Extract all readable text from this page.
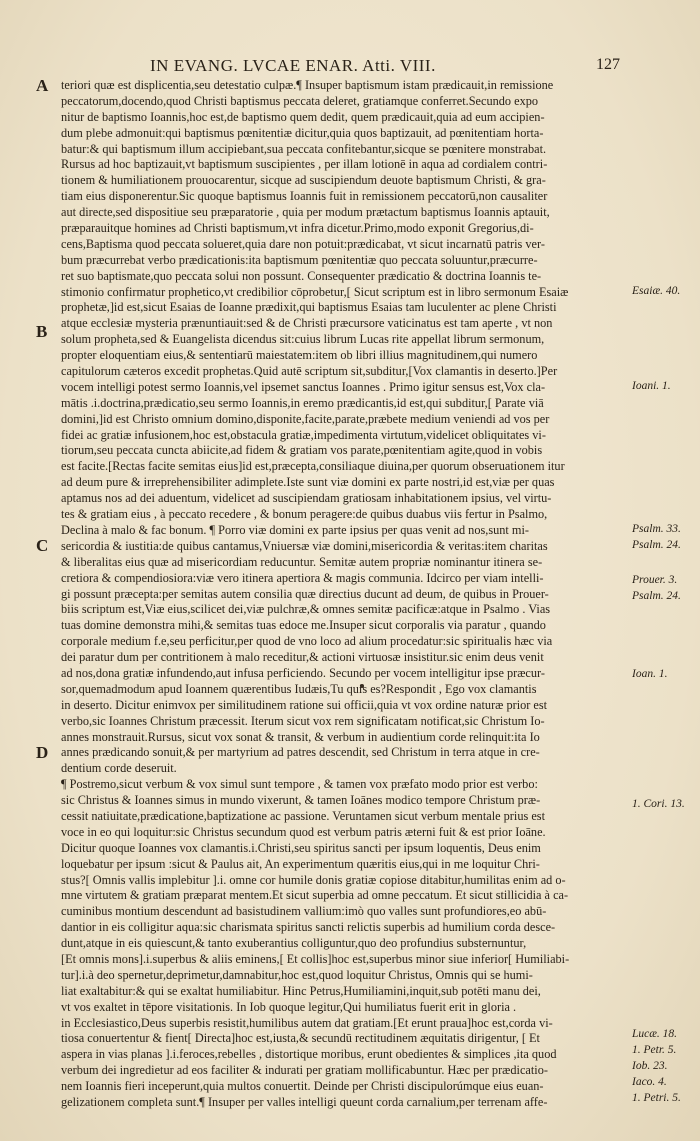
IN EVANG. LVCAE ENAR. Atti. VIII.	127
A
B
C
D
Esaiæ. 40.
Ioani. 1.
Psalm. 33.
Psalm. 24.
Prouer. 3.
Psalm. 24.
Ioan. 1.
1. Cori. 13.
Lucæ. 18.
1. Petr. 5.
Iob. 23.
Iaco. 4.
1. Petri. 5.
teriori quæ est displicentia,seu detestatio culpæ.¶ Insuper baptismum istam prædicauit,in remissione
peccatorum,docendo,quod Christi baptismus peccata deleret, gratiamque conferret.Secundo expo
nitur de baptismo Ioannis,hoc est,de baptismo quem dedit, quem prædicauit,quia ad eum accipien-
dum plebe admonuit:qui baptismus pœnitentiæ dicitur,quia quos baptizauit, ad pœnitentiam horta-
batur:& qui baptismum illum accipiebant,sua peccata confitebantur,sicque se pœnitere monstrabat.
Rursus ad hoc baptizauit,vt baptismum suscipientes , per illam lotionē in aqua ad cordialem contri-
tionem & humiliationem prouocarentur, sicque ad suscipiendum deuote baptismum Christi, & gra-
tiam eius disponerentur.Sic quoque baptismus Ioannis fuit in remissionem peccatorū,non causaliter
aut directe,sed dispositiue seu præparatorie , quia per modum prætactum baptismus Ioannis aptauit,
præparauitque homines ad Christi baptismum,vt infra dicetur.Primo,modo exponit Gregorius,di-
cens,Baptisma quod peccata solueret,quia dare non potuit:prædicabat, vt sicut incarnatū patris ver-
bum præcurrebat verbo prædicationis:ita baptismum pœnitentiæ quo peccata soluuntur,præcurre-
ret suo baptismate,quo peccata solui non possunt. Consequenter prædicatio & doctrina Ioannis te-
stimonio confirmatur prophetico,vt credibilior cōprobetur,[ Sicut scriptum est in libro sermonum Esaiæ
prophetæ,]id est,sicut Esaias de Ioanne prædixit,qui baptismus Esaias tam luculenter ac plene Christi
atque ecclesiæ mysteria prænuntiauit:sed & de Christi præcursore vaticinatus est tam aperte , vt non
solum propheta,sed & Euangelista dicendus sit:cuius librum Lucas rite appellat librum sermonum,
propter eloquentiam eius,& sententiarū maiestatem:item ob libri illius magnitudinem,qui numero
capitulorum cæteros excedit prophetas.Quid autē scriptum sit,subditur,[Vox clamantis in deserto.]Per
vocem intelligi potest sermo Ioannis,vel ipsemet sanctus Ioannes . Primo igitur sensus est,Vox cla-
mātis .i.doctrina,prædicatio,seu sermo Ioannis,in eremo prædicantis,id est,qui subditur,[ Parate viā
domini,]id est Christo omnium domino,disponite,facite,parate,præbete medium veniendi ad vos per
fidei ac gratiæ infusionem,hoc est,obstacula gratiæ,impedimenta virtutum,videlicet obliquitates vi-
tiorum,seu peccata cuncta abiicite,ad fidem & gratiam vos parate,pœnitentiam agite,quod in vobis
est facite.[Rectas facite semitas eius]id est,præcepta,consiliaque diuina,per quorum obseruationem itur
ad deum pure & irreprehensibiliter adimplete.Iste sunt viæ domini ex parte nostri,id est,viæ per quas
aptamus nos ad dei aduentum, videlicet ad suscipiendam gratiosam inhabitationem ipsius, vel virtu-
tes & gratiam eius , à peccato recedere , & bonum peragere:de quibus duabus viis fertur in Psalmo,
Declina à malo & fac bonum. ¶ Porro viæ domini ex parte ipsius per quas venit ad nos,sunt mi-
sericordia & iustitia:de quibus cantamus,Vniuersæ viæ domini,misericordia & veritas:item charitas
& liberalitas eius quæ ad misericordiam reducuntur. Semitæ autem propriæ nominantur itinera se-
cretiora & compendiosiora:viæ vero itinera apertiora & magis communia. Idcirco per viam intelli-
gi possunt præcepta:per semitas autem consilia quæ directius ducunt ad deum, de quibus in Prouer-
biis scriptum est,Viæ eius,scilicet dei,viæ pulchræ,& omnes semitæ pacificæ:atque in Psalmo . Vias
tuas domine demonstra mihi,& semitas tuas edoce me.Insuper sicut corporalis via paratur , quando
corporale medium f.e,seu perficitur,per quod de vno loco ad alium procedatur:sic spiritualis hæc via
dei paratur dum per contritionem à malo receditur,& actioni virtuosæ insistitur.sic enim deus venit
ad nos,dona gratiæ infundendo,aut infusa perficiendo. Secundo per vocem intelligitur ipse præcur-
sor,quemadmodum apud Ioannem quærentibus Iudæis,Tu quis es?Respondit , Ego vox clamantis
in deserto. Dicitur enimvox per similitudinem ratione sui officii,quia vt vox ordine naturæ prior est
verbo,sic Ioannes Christum præcessit. Iterum sicut vox rem significatam notificat,sic Christum Io-
annes monstrauit.Rursus, sicut vox sonat & transit, & verbum in audientium corde relinquit:ita Io
annes prædicando sonuit,& per martyrium ad patres descendit, sed Christum in terra atque in cre-
dentium corde deseruit.
¶ Postremo,sicut verbum & vox simul sunt tempore , & tamen vox præfato modo prior est verbo:
sic Christus & Ioannes simus in mundo vixerunt, & tamen Ioānes modico tempore Christum præ-
cessit natiuitate,prædicatione,baptizatione ac passione. Veruntamen sicut verbum mentale prius est
voce in eo qui loquitur:sic Christus secundum quod est verbum patris æterni fuit & est prior Ioāne.
Dicitur quoque Ioannes vox clamantis.i.Christi,seu spiritus sancti per ipsum loquentis, Deus enim
loquebatur per ipsum :sicut & Paulus ait, An experimentum quæritis eius,qui in me loquitur Chri-
stus?[ Omnis vallis implebitur ].i. omne cor humile donis gratiæ copiose ditabitur,humilitas enim ad o-
mne virtutem & gratiam præparat mentem.Et sicut superbia ad omne peccatum. Et sicut stillicidia à ca-
cuminibus montium descendunt ad basistudinem vallium:imò quo valles sunt profundiores,eo abū-
dantior in eis colligitur aqua:sic charismata spiritus sancti relictis superbis ad humilium corda desce-
dunt,atque in eis quiescunt,& tanto exuberantius colliguntur,quo deo profundius substernuntur,
[Et omnis mons].i.superbus & aliis eminens,[ Et collis]hoc est,superbus minor siue inferior[ Humiliabi-
tur].i.à deo spernetur,deprimetur,damnabitur,hoc est,quod loquitur Christus, Omnis qui se humi-
liat exaltabitur:& qui se exaltat humiliabitur. Hinc Petrus,Humiliamini,inquit,sub potēti manu dei,
vt vos exaltet in tēpore visitationis. In Iob quoque legitur,Qui humiliatus fuerit erit in gloria .
in Ecclesiastico,Deus superbis resistit,humilibus autem dat gratiam.[Et erunt praua]hoc est,corda vi-
tiosa conuertentur & fient[ Directa]hoc est,iusta,& secundū rectitudinem æquitatis dirigentur, [ Et
aspera in vias planas ].i.feroces,rebelles , distortique moribus, erunt obedientes & simplices ,ita quod
verbum dei ingredietur ad eos faciliter & indurati per gratiam mollificabuntur. Hæc per prædicatio-
nem Ioannis fieri inceperunt,quia multos conuertit. Deinde per Christi discipulorúmque eius euan-
gelizationem completa sunt.¶ Insuper per valles intelligi queunt corda carnalium,per terrenam affe-
